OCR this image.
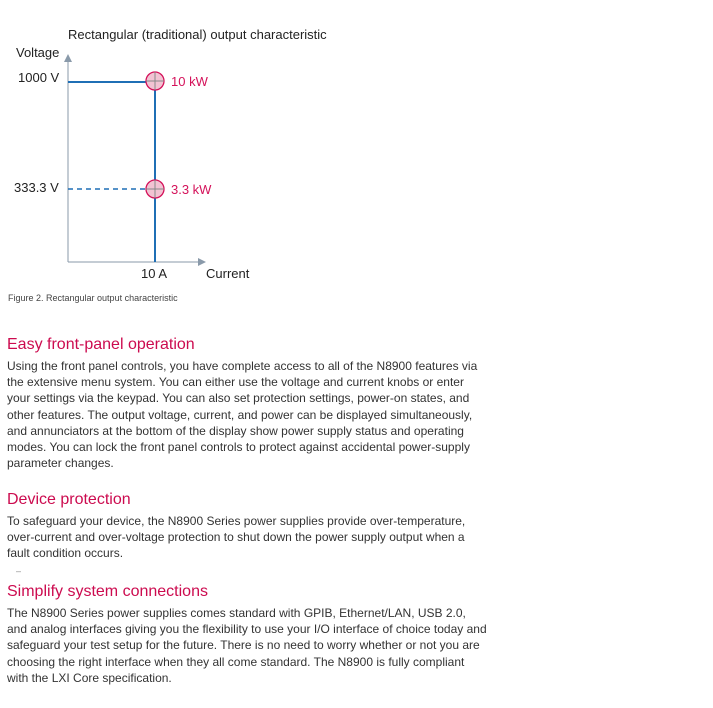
Rectangular (traditional) output characteristic
Voltage
Current
1000 V
333.3 V
10 A
10 kW
3.3 kW
Figure 2. Rectangular output characteristic
Easy front-panel operation

Using the front panel controls, you have complete access to all of the N8900 features via the extensive menu system. You can either use the voltage and current knobs or enter your settings via the keypad. You can also set protection settings, power-on states, and other features. The output voltage, current, and power can be displayed simultaneously, and annunciators at the bottom of the display show power supply status and operating modes. You can lock the front panel controls to protect against accidental power-supply parameter changes.

Device protection

To safeguard your device, the N8900 Series power supplies provide over-temperature, over-current and over-voltage protection to shut down the power supply output when a fault condition occurs.

–
Simplify system connections

The N8900 Series power supplies comes standard with GPIB, Ethernet/LAN, USB 2.0, and analog interfaces giving you the flexibility to use your I/O interface of choice today and safeguard your test setup for the future. There is no need to worry whether or not you are choosing the right interface when they all come standard. The N8900 is fully compliant with the LXI Core specification.
